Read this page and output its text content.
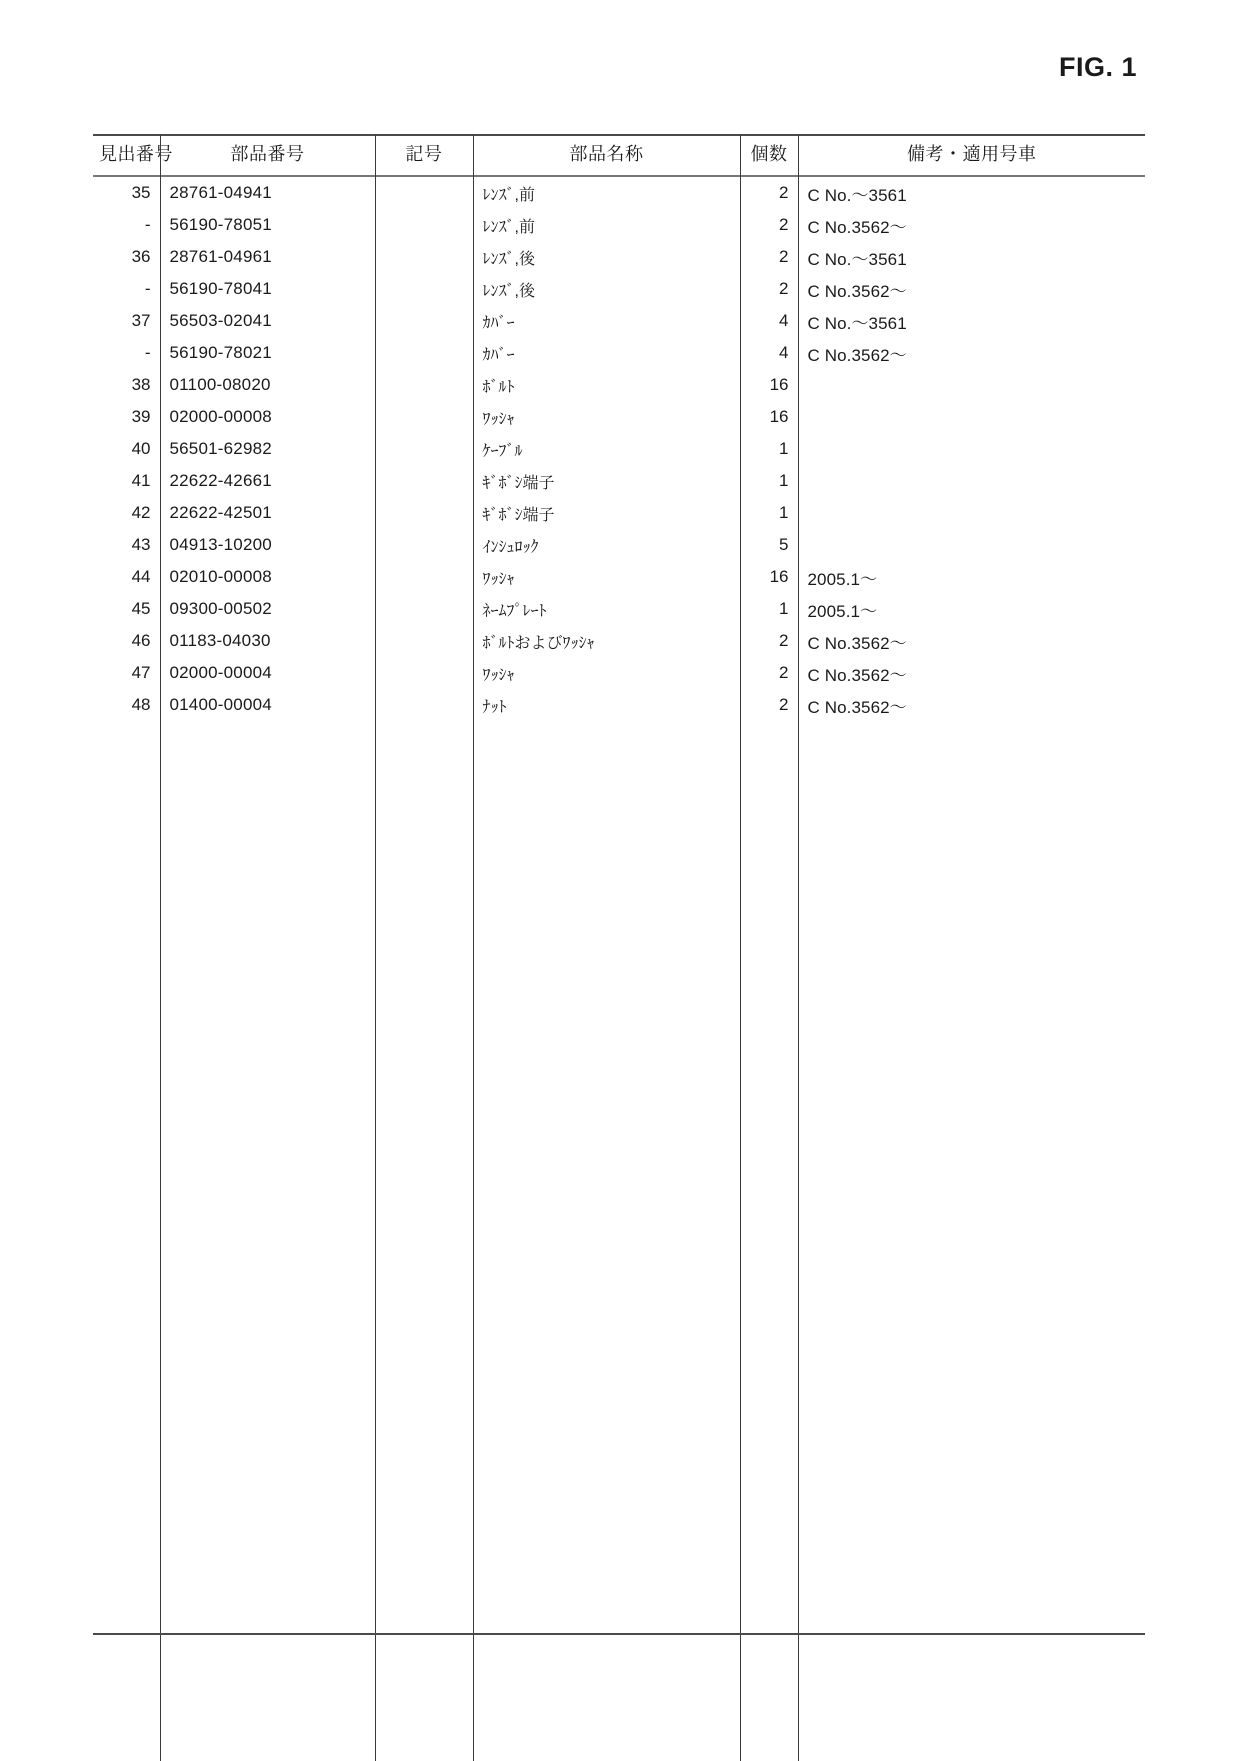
FIG. 1
見出番号	部品番号	記号	部品名称	個数	備考・適用号車
35	28761-04941		ﾚﾝｽﾞ,前	2	C No.～3561
-	56190-78051		ﾚﾝｽﾞ,前	2	C No.3562～
36	28761-04961		ﾚﾝｽﾞ,後	2	C No.～3561
-	56190-78041		ﾚﾝｽﾞ,後	2	C No.3562～
37	56503-02041		ｶﾊﾞｰ	4	C No.～3561
-	56190-78021		ｶﾊﾞｰ	4	C No.3562～
38	01100-08020		ﾎﾞﾙﾄ	16	
39	02000-00008		ﾜｯｼｬ	16	
40	56501-62982		ｹｰﾌﾞﾙ	1	
41	22622-42661		ｷﾞﾎﾞｼ端子	1	
42	22622-42501		ｷﾞﾎﾞｼ端子	1	
43	04913-10200		ｲﾝｼｭﾛｯｸ	5	
44	02010-00008		ﾜｯｼｬ	16	2005.1～
45	09300-00502		ﾈｰﾑﾌﾟﾚｰﾄ	1	2005.1～
46	01183-04030		ﾎﾞﾙﾄおよびﾜｯｼｬ	2	C No.3562～
47	02000-00004		ﾜｯｼｬ	2	C No.3562～
48	01400-00004		ﾅｯﾄ	2	C No.3562～
